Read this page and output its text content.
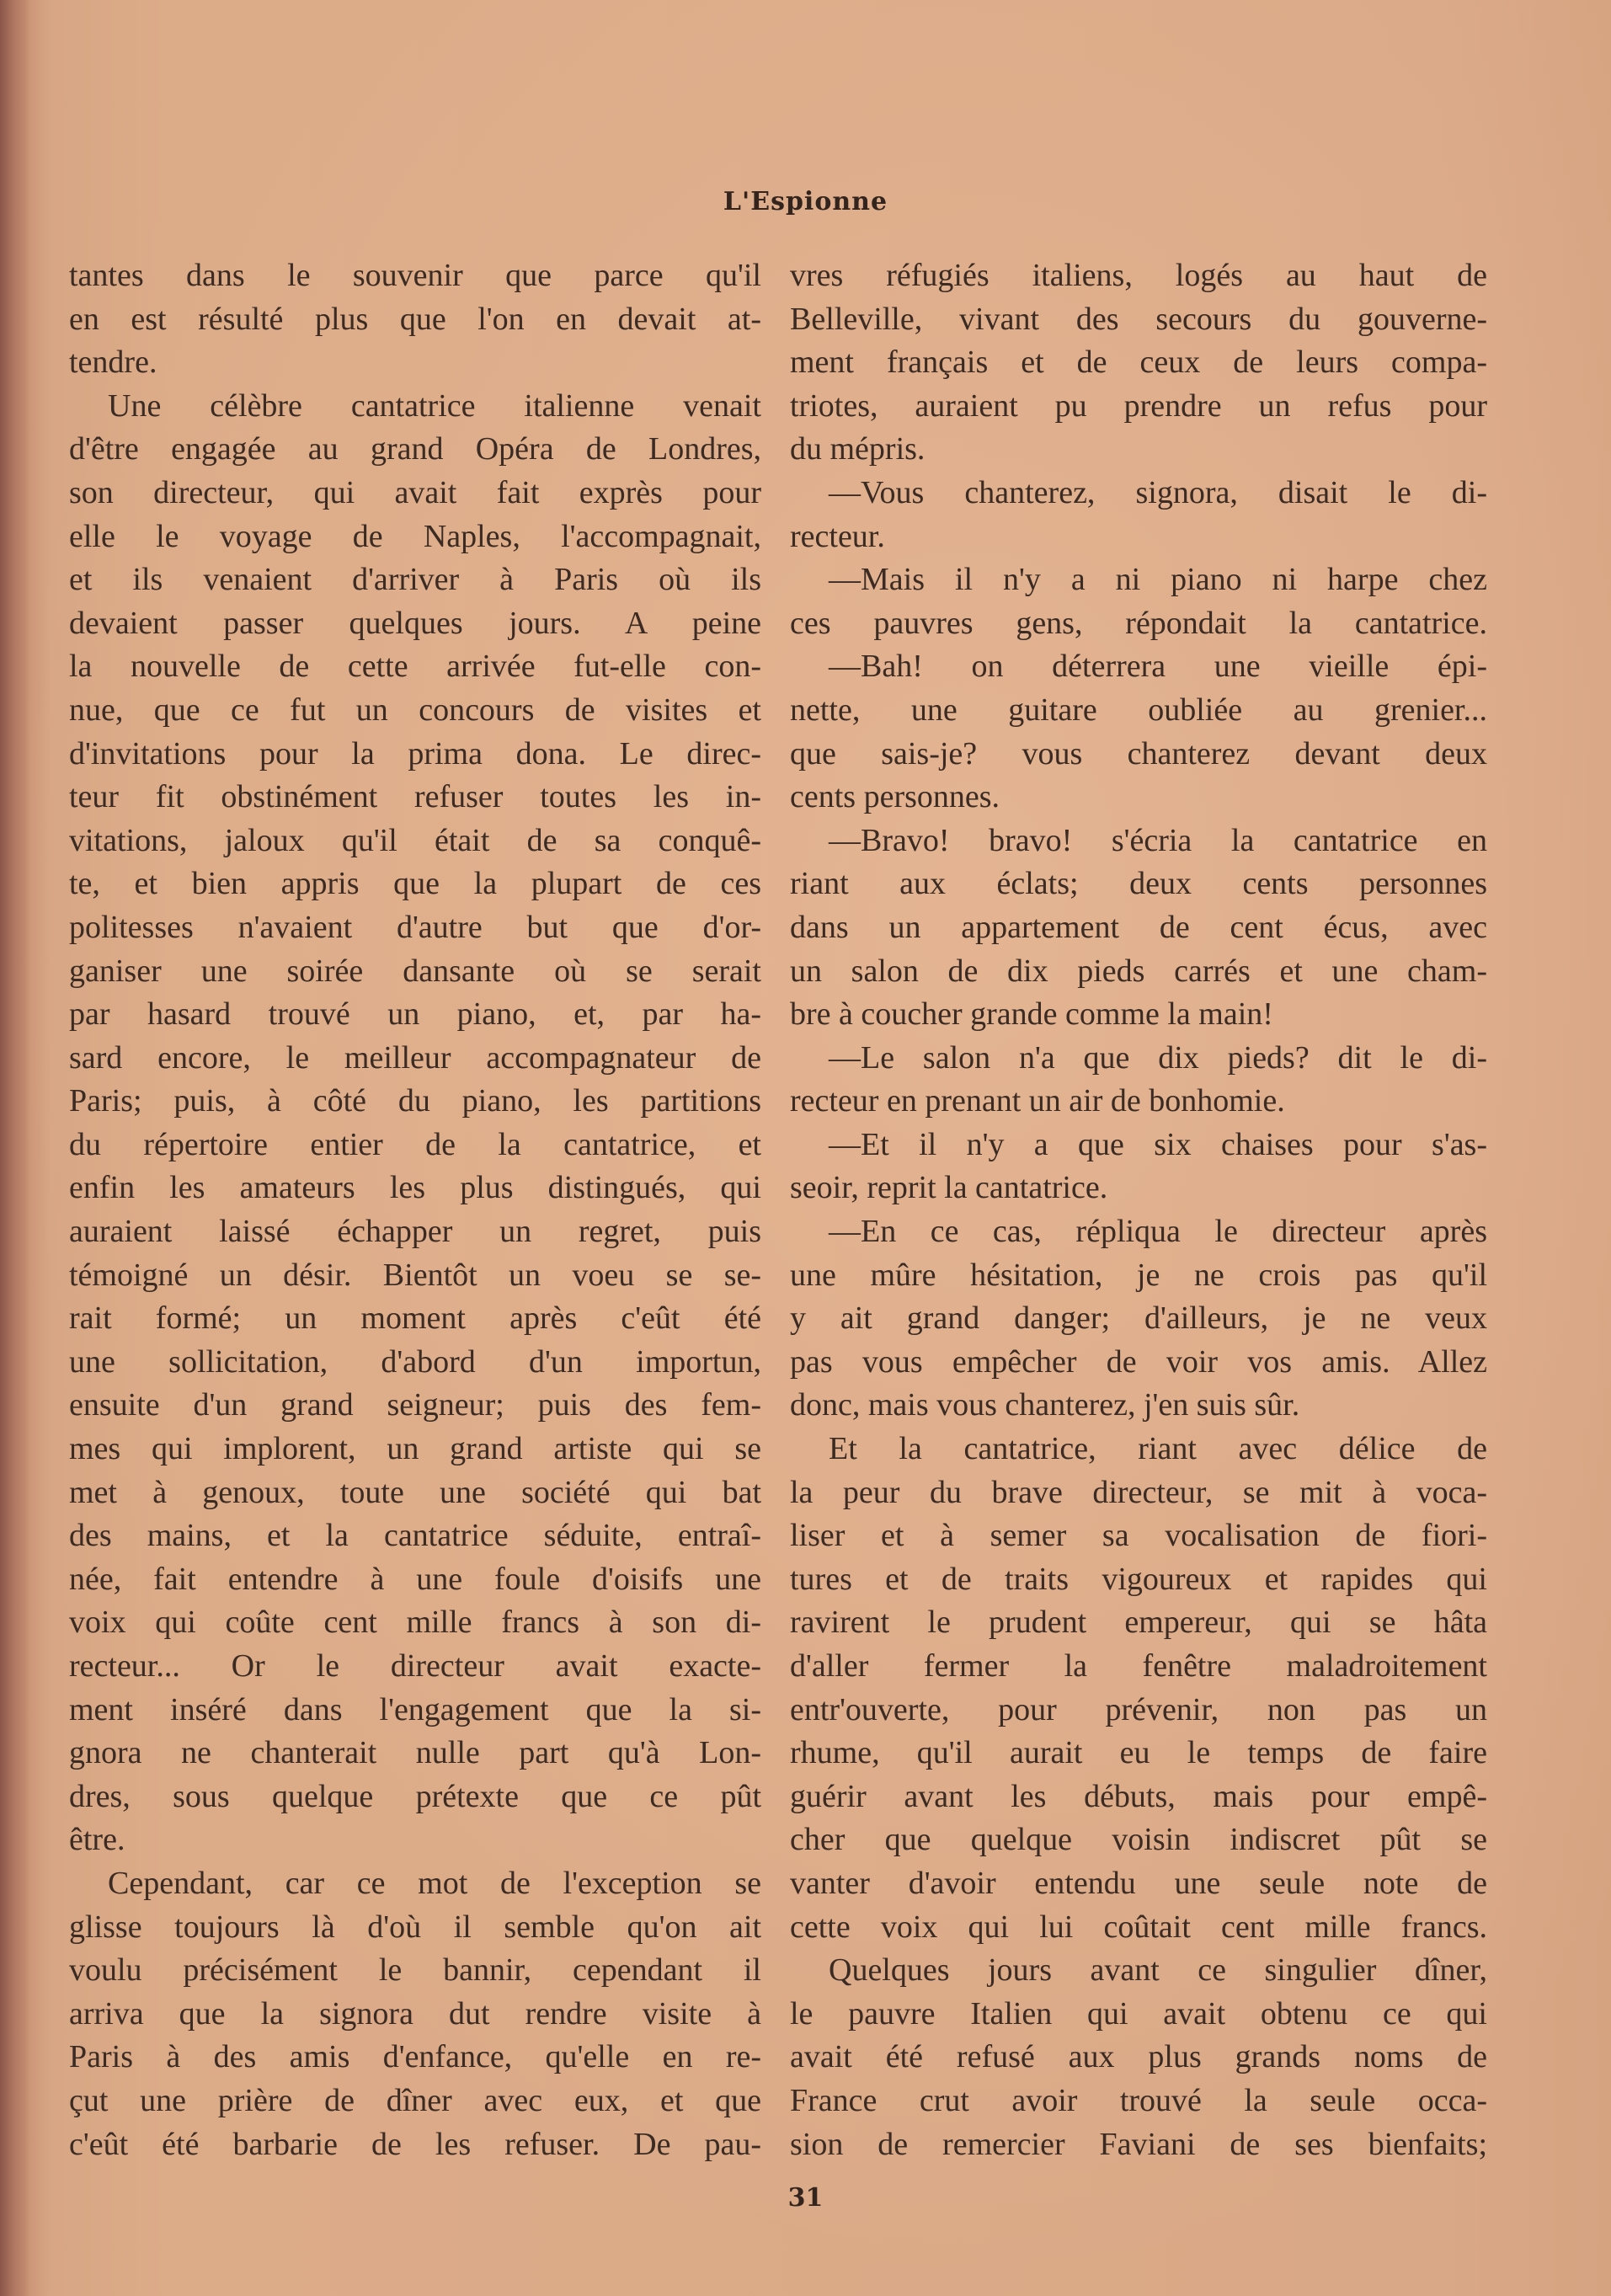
L'Espionne
tantes dans le souvenir que parce qu'il
en est résulté plus que l'on en devait at-
tendre.
Une célèbre cantatrice italienne venait
d'être engagée au grand Opéra de Londres,
son directeur, qui avait fait exprès pour
elle le voyage de Naples, l'accompagnait,
et ils venaient d'arriver à Paris où ils
devaient passer quelques jours. A peine
la nouvelle de cette arrivée fut-elle con-
nue, que ce fut un concours de visites et
d'invitations pour la prima dona. Le direc-
teur fit obstinément refuser toutes les in-
vitations, jaloux qu'il était de sa conquê-
te, et bien appris que la plupart de ces
politesses n'avaient d'autre but que d'or-
ganiser une soirée dansante où se serait
par hasard trouvé un piano, et, par ha-
sard encore, le meilleur accompagnateur de
Paris; puis, à côté du piano, les partitions
du répertoire entier de la cantatrice, et
enfin les amateurs les plus distingués, qui
auraient laissé échapper un regret, puis
témoigné un désir. Bientôt un voeu se se-
rait formé; un moment après c'eût été
une sollicitation, d'abord d'un importun,
ensuite d'un grand seigneur; puis des fem-
mes qui implorent, un grand artiste qui se
met à genoux, toute une société qui bat
des mains, et la cantatrice séduite, entraî-
née, fait entendre à une foule d'oisifs une
voix qui coûte cent mille francs à son di-
recteur... Or le directeur avait exacte-
ment inséré dans l'engagement que la si-
gnora ne chanterait nulle part qu'à Lon-
dres, sous quelque prétexte que ce pût
être.
Cependant, car ce mot de l'exception se
glisse toujours là d'où il semble qu'on ait
voulu précisément le bannir, cependant il
arriva que la signora dut rendre visite à
Paris à des amis d'enfance, qu'elle en re-
çut une prière de dîner avec eux, et que
c'eût été barbarie de les refuser. De pau-
vres réfugiés italiens, logés au haut de
Belleville, vivant des secours du gouverne-
ment français et de ceux de leurs compa-
triotes, auraient pu prendre un refus pour
du mépris.
—Vous chanterez, signora, disait le di-
recteur.
—Mais il n'y a ni piano ni harpe chez
ces pauvres gens, répondait la cantatrice.
—Bah! on déterrera une vieille épi-
nette, une guitare oubliée au grenier...
que sais-je? vous chanterez devant deux
cents personnes.
—Bravo! bravo! s'écria la cantatrice en
riant aux éclats; deux cents personnes
dans un appartement de cent écus, avec
un salon de dix pieds carrés et une cham-
bre à coucher grande comme la main!
—Le salon n'a que dix pieds? dit le di-
recteur en prenant un air de bonhomie.
—Et il n'y a que six chaises pour s'as-
seoir, reprit la cantatrice.
—En ce cas, répliqua le directeur après
une mûre hésitation, je ne crois pas qu'il
y ait grand danger; d'ailleurs, je ne veux
pas vous empêcher de voir vos amis. Allez
donc, mais vous chanterez, j'en suis sûr.
Et la cantatrice, riant avec délice de
la peur du brave directeur, se mit à voca-
liser et à semer sa vocalisation de fiori-
tures et de traits vigoureux et rapides qui
ravirent le prudent empereur, qui se hâta
d'aller fermer la fenêtre maladroitement
entr'ouverte, pour prévenir, non pas un
rhume, qu'il aurait eu le temps de faire
guérir avant les débuts, mais pour empê-
cher que quelque voisin indiscret pût se
vanter d'avoir entendu une seule note de
cette voix qui lui coûtait cent mille francs.
Quelques jours avant ce singulier dîner,
le pauvre Italien qui avait obtenu ce qui
avait été refusé aux plus grands noms de
France crut avoir trouvé la seule occa-
sion de remercier Faviani de ses bienfaits;
31
